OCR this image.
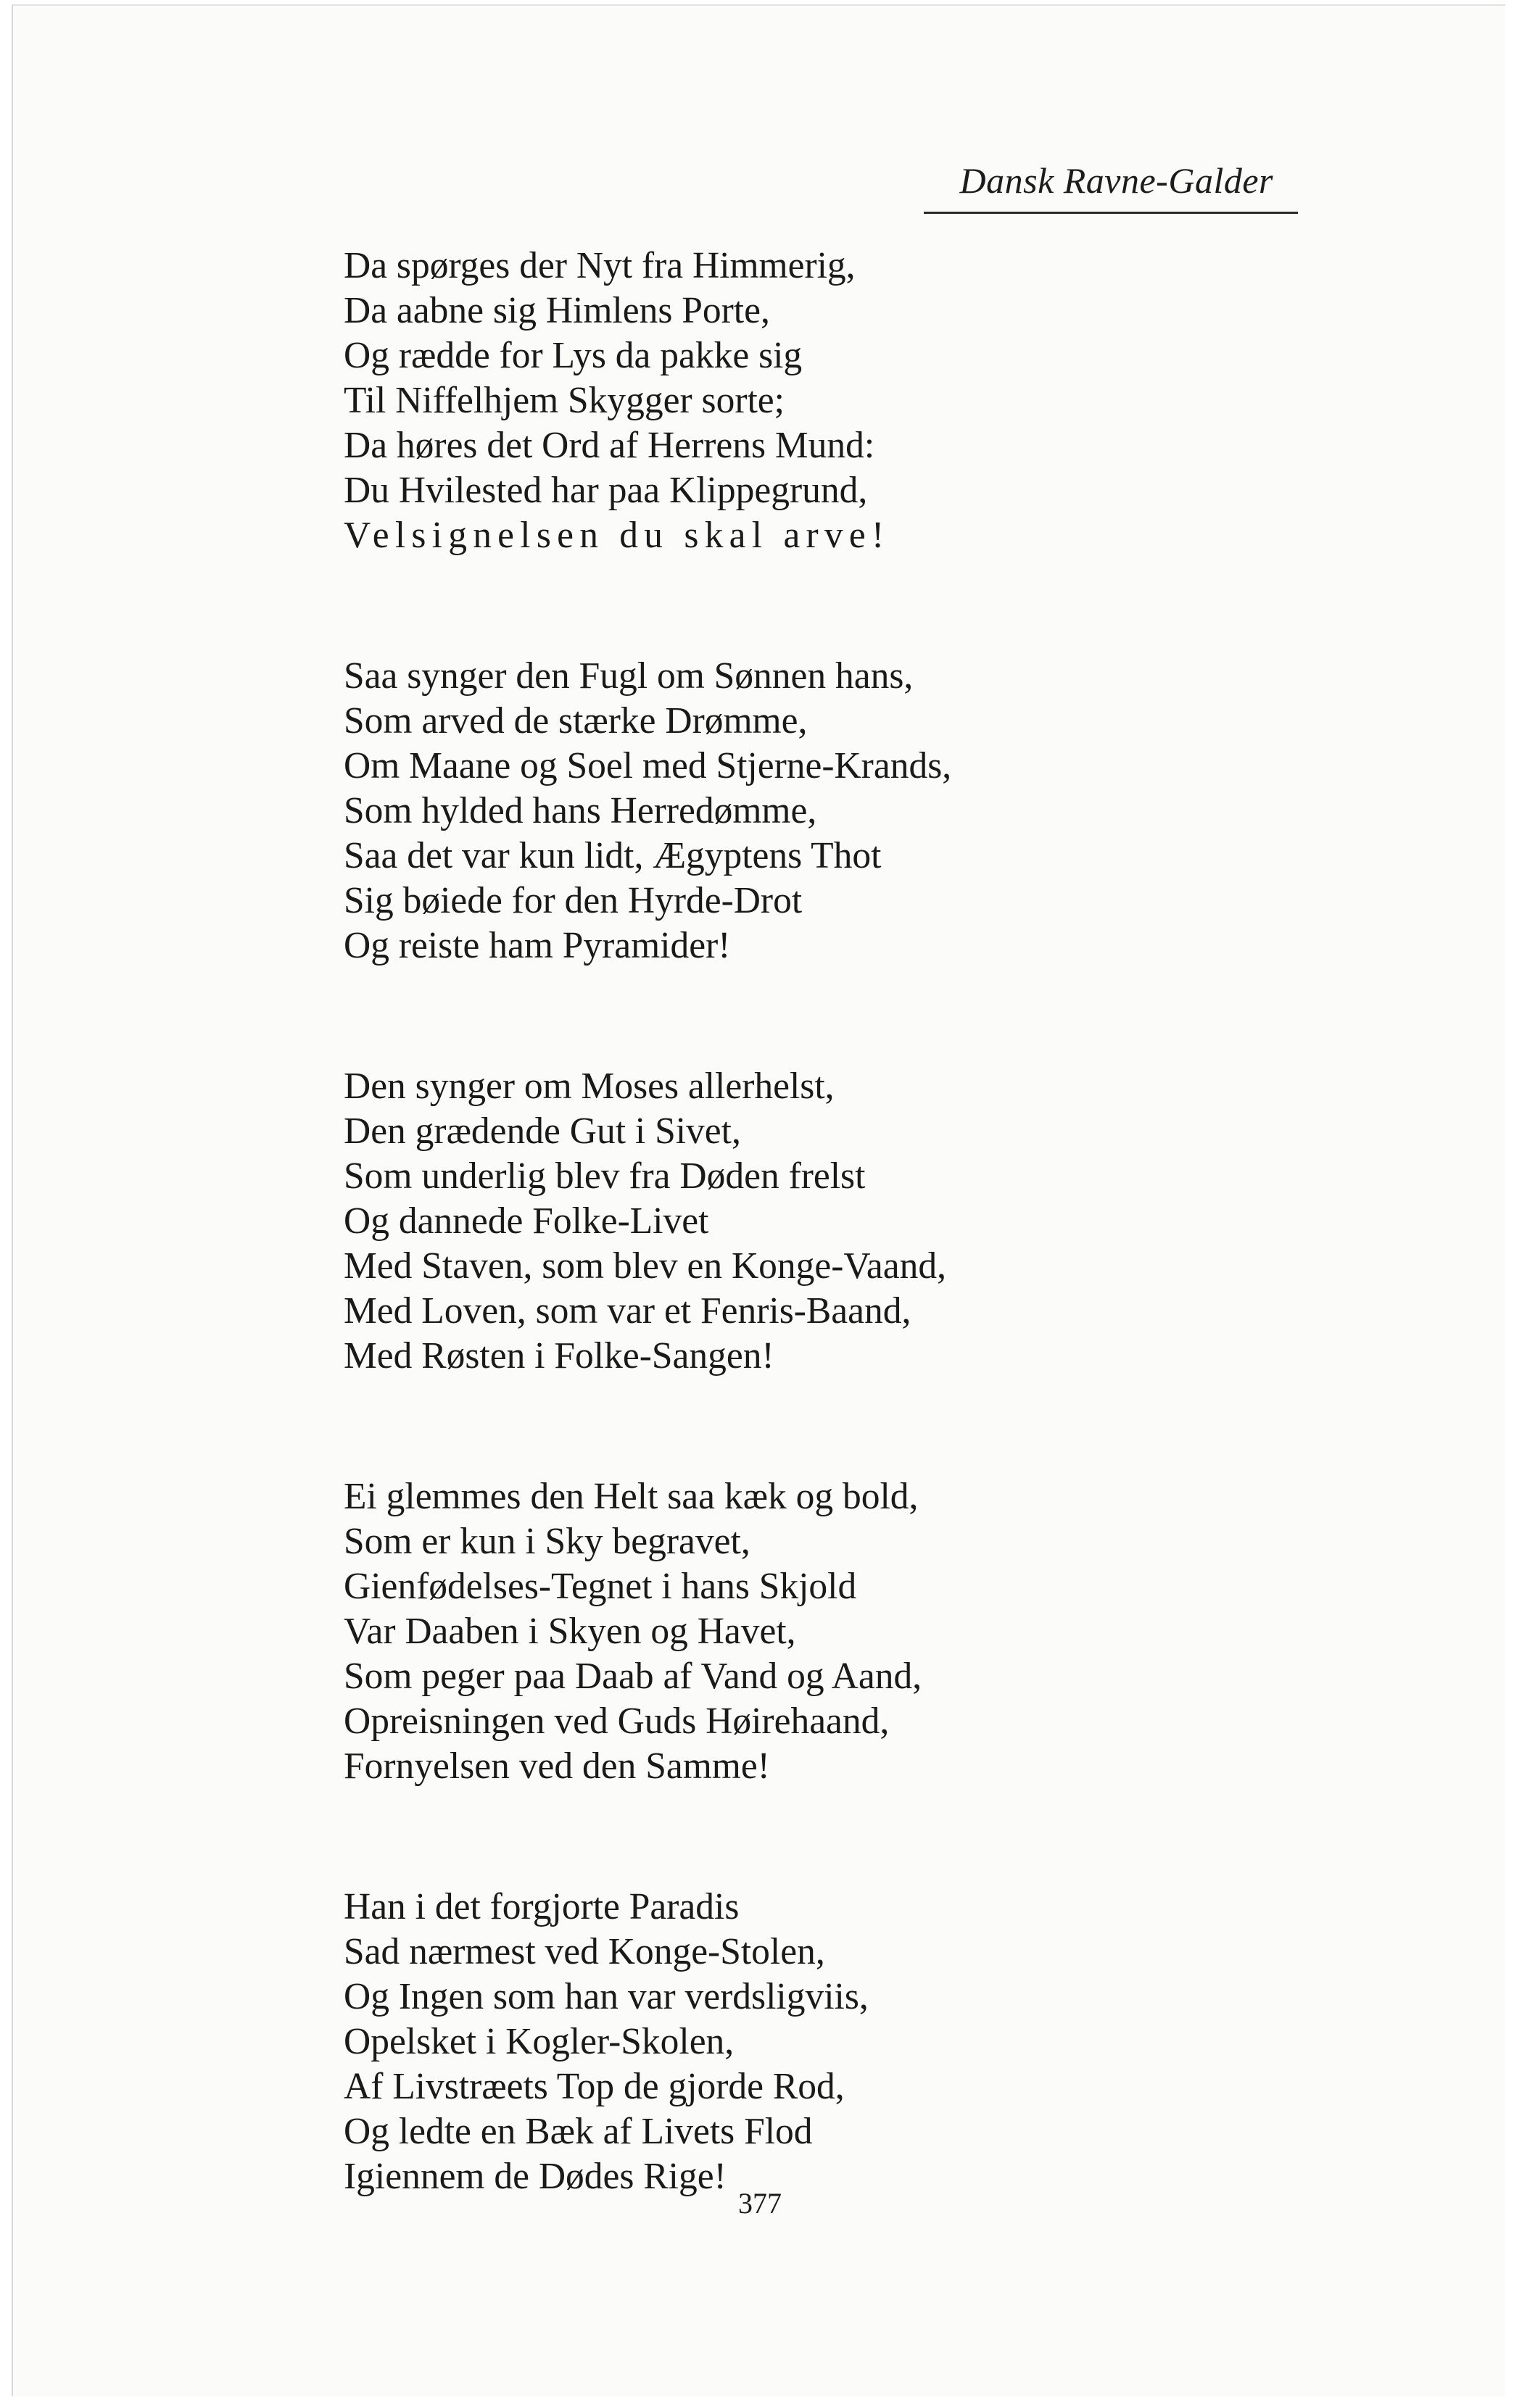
Dansk Ravne-Galder
Da spørges der Nyt fra Himmerig,
Da aabne sig Himlens Porte,
Og rædde for Lys da pakke sig
Til Niffelhjem Skygger sorte;
Da høres det Ord af Herrens Mund:
Du Hvilested har paa Klippegrund,
Velsignelsen du skal arve!
Saa synger den Fugl om Sønnen hans,
Som arved de stærke Drømme,
Om Maane og Soel med Stjerne-Krands,
Som hylded hans Herredømme,
Saa det var kun lidt, Ægyptens Thot
Sig bøiede for den Hyrde-Drot
Og reiste ham Pyramider!
Den synger om Moses allerhelst,
Den grædende Gut i Sivet,
Som underlig blev fra Døden frelst
Og dannede Folke-Livet
Med Staven, som blev en Konge-Vaand,
Med Loven, som var et Fenris-Baand,
Med Røsten i Folke-Sangen!
Ei glemmes den Helt saa kæk og bold,
Som er kun i Sky begravet,
Gienfødelses-Tegnet i hans Skjold
Var Daaben i Skyen og Havet,
Som peger paa Daab af Vand og Aand,
Opreisningen ved Guds Høirehaand,
Fornyelsen ved den Samme!
Han i det forgjorte Paradis
Sad nærmest ved Konge-Stolen,
Og Ingen som han var verdsligviis,
Opelsket i Kogler-Skolen,
Af Livstræets Top de gjorde Rod,
Og ledte en Bæk af Livets Flod
Igiennem de Dødes Rige!
377
